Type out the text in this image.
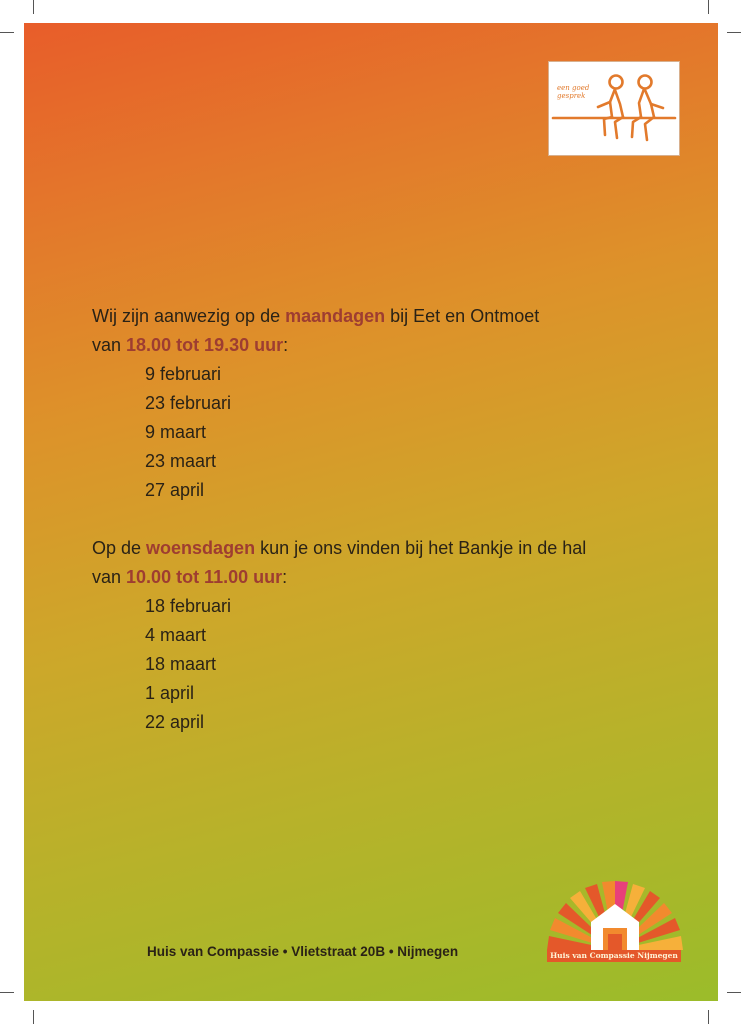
een goed gesprek

Wij zijn aanwezig op de maandagen bij Eet en Ontmoet

van 18.00 tot 19.30 uur:

9 februari
23 februari
9 maart
23 maart
27 april

Op de woensdagen kun je ons vinden bij het Bankje in de hal

van 10.00 tot 11.00 uur:

18 februari
4 maart
18 maart
1 april
22 april
Huis van Compassie • Vlietstraat 20B • Nijmegen	Huis van Compassie Nijmegen
